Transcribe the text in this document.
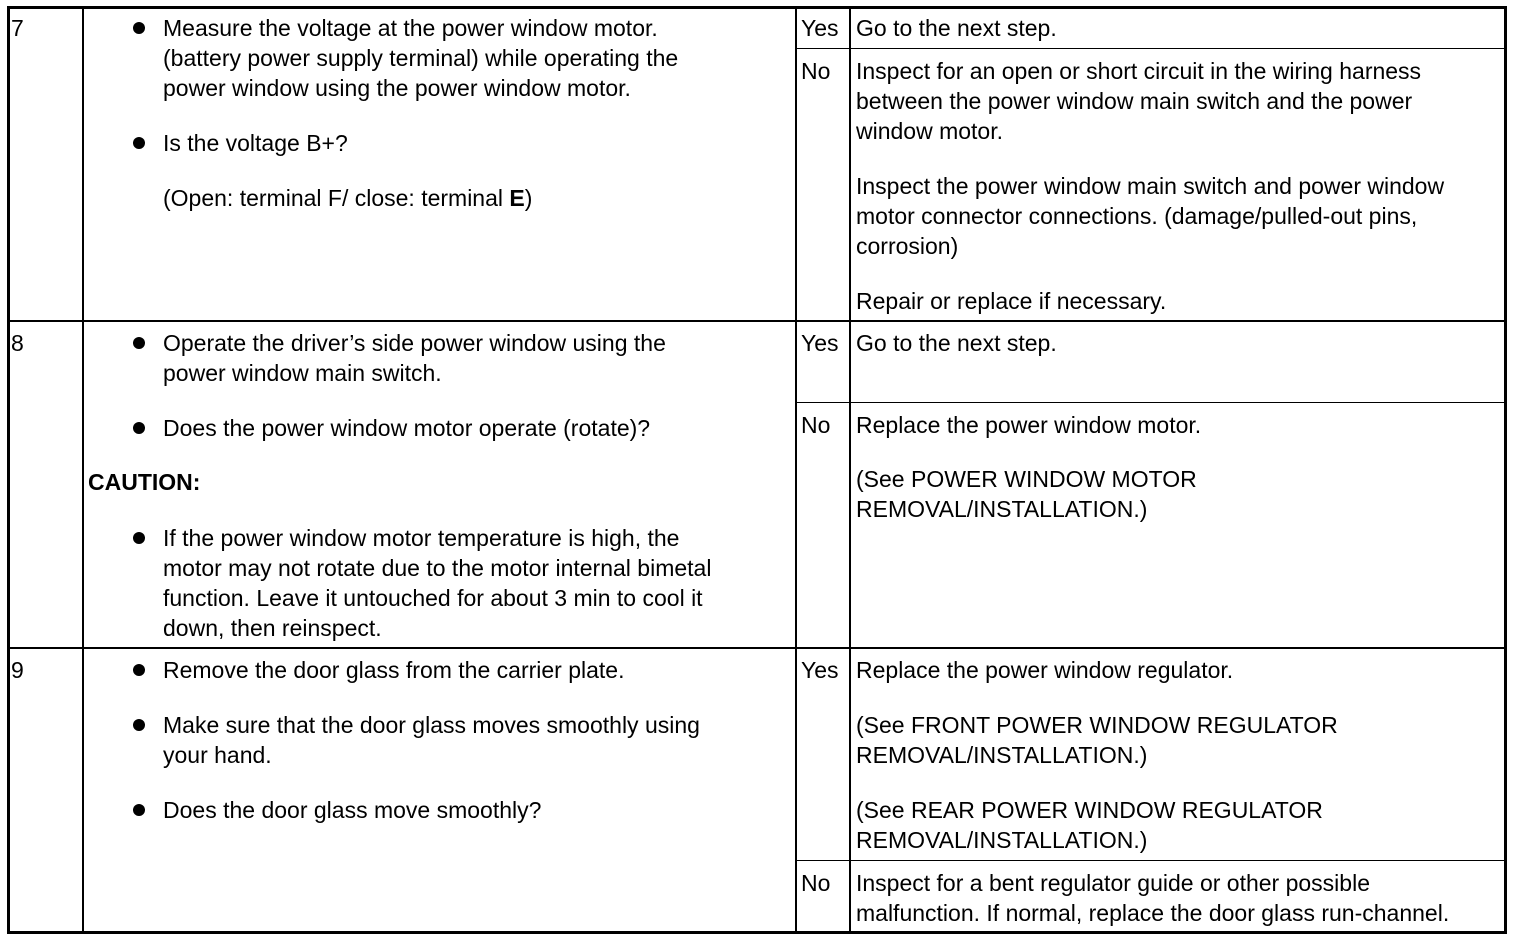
7	Measure the voltage at the power window motor.
(battery power supply terminal) while operating the
power window using the power window motor.
Is the voltage B+?
(Open: terminal F/ close: terminal E)
Yes Go to the next step.
No Inspect for an open or short circuit in the wiring harness
between the power window main switch and the power
window motor.
Inspect the power window main switch and power window
motor connector connections. (damage/pulled-out pins,
corrosion)
Repair or replace if necessary.
8	Operate the driver’s side power window using the
power window main switch.
Does the power window motor operate (rotate)?
CAUTION:
If the power window motor temperature is high, the
motor may not rotate due to the motor internal bimetal
function. Leave it untouched for about 3 min to cool it
down, then reinspect.
Yes Go to the next step.
No Replace the power window motor.
(See POWER WINDOW MOTOR
REMOVAL/INSTALLATION.)
9	Remove the door glass from the carrier plate.
Make sure that the door glass moves smoothly using
your hand.
Does the door glass move smoothly?
Yes Replace the power window regulator.
(See FRONT POWER WINDOW REGULATOR
REMOVAL/INSTALLATION.)
(See REAR POWER WINDOW REGULATOR
REMOVAL/INSTALLATION.)
No Inspect for a bent regulator guide or other possible
malfunction. If normal, replace the door glass run-channel.
